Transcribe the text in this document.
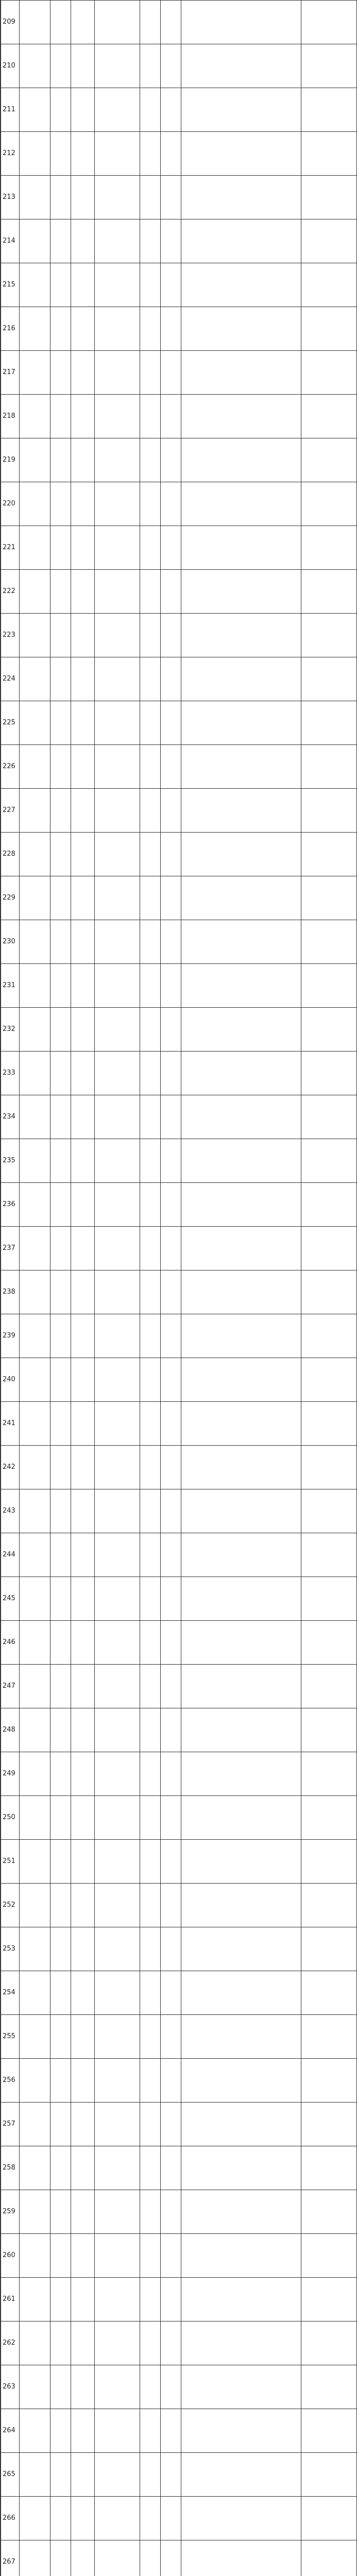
209								
210								
211								
212								
213								
214								
215								
216								
217								
218								
219								
220								
221								
222								
223								
224								
225								
226								
227								
228								
229								
230								
231								
232								
233								
234								
235								
236								
237								
238								
239								
240								
241								
242								
243								
244								
245								
246								
247								
248								
249								
250								
251								
252								
253								
254								
255								
256								
257								
258								
259								
260								
261								
262								
263								
264								
265								
266								
267								
